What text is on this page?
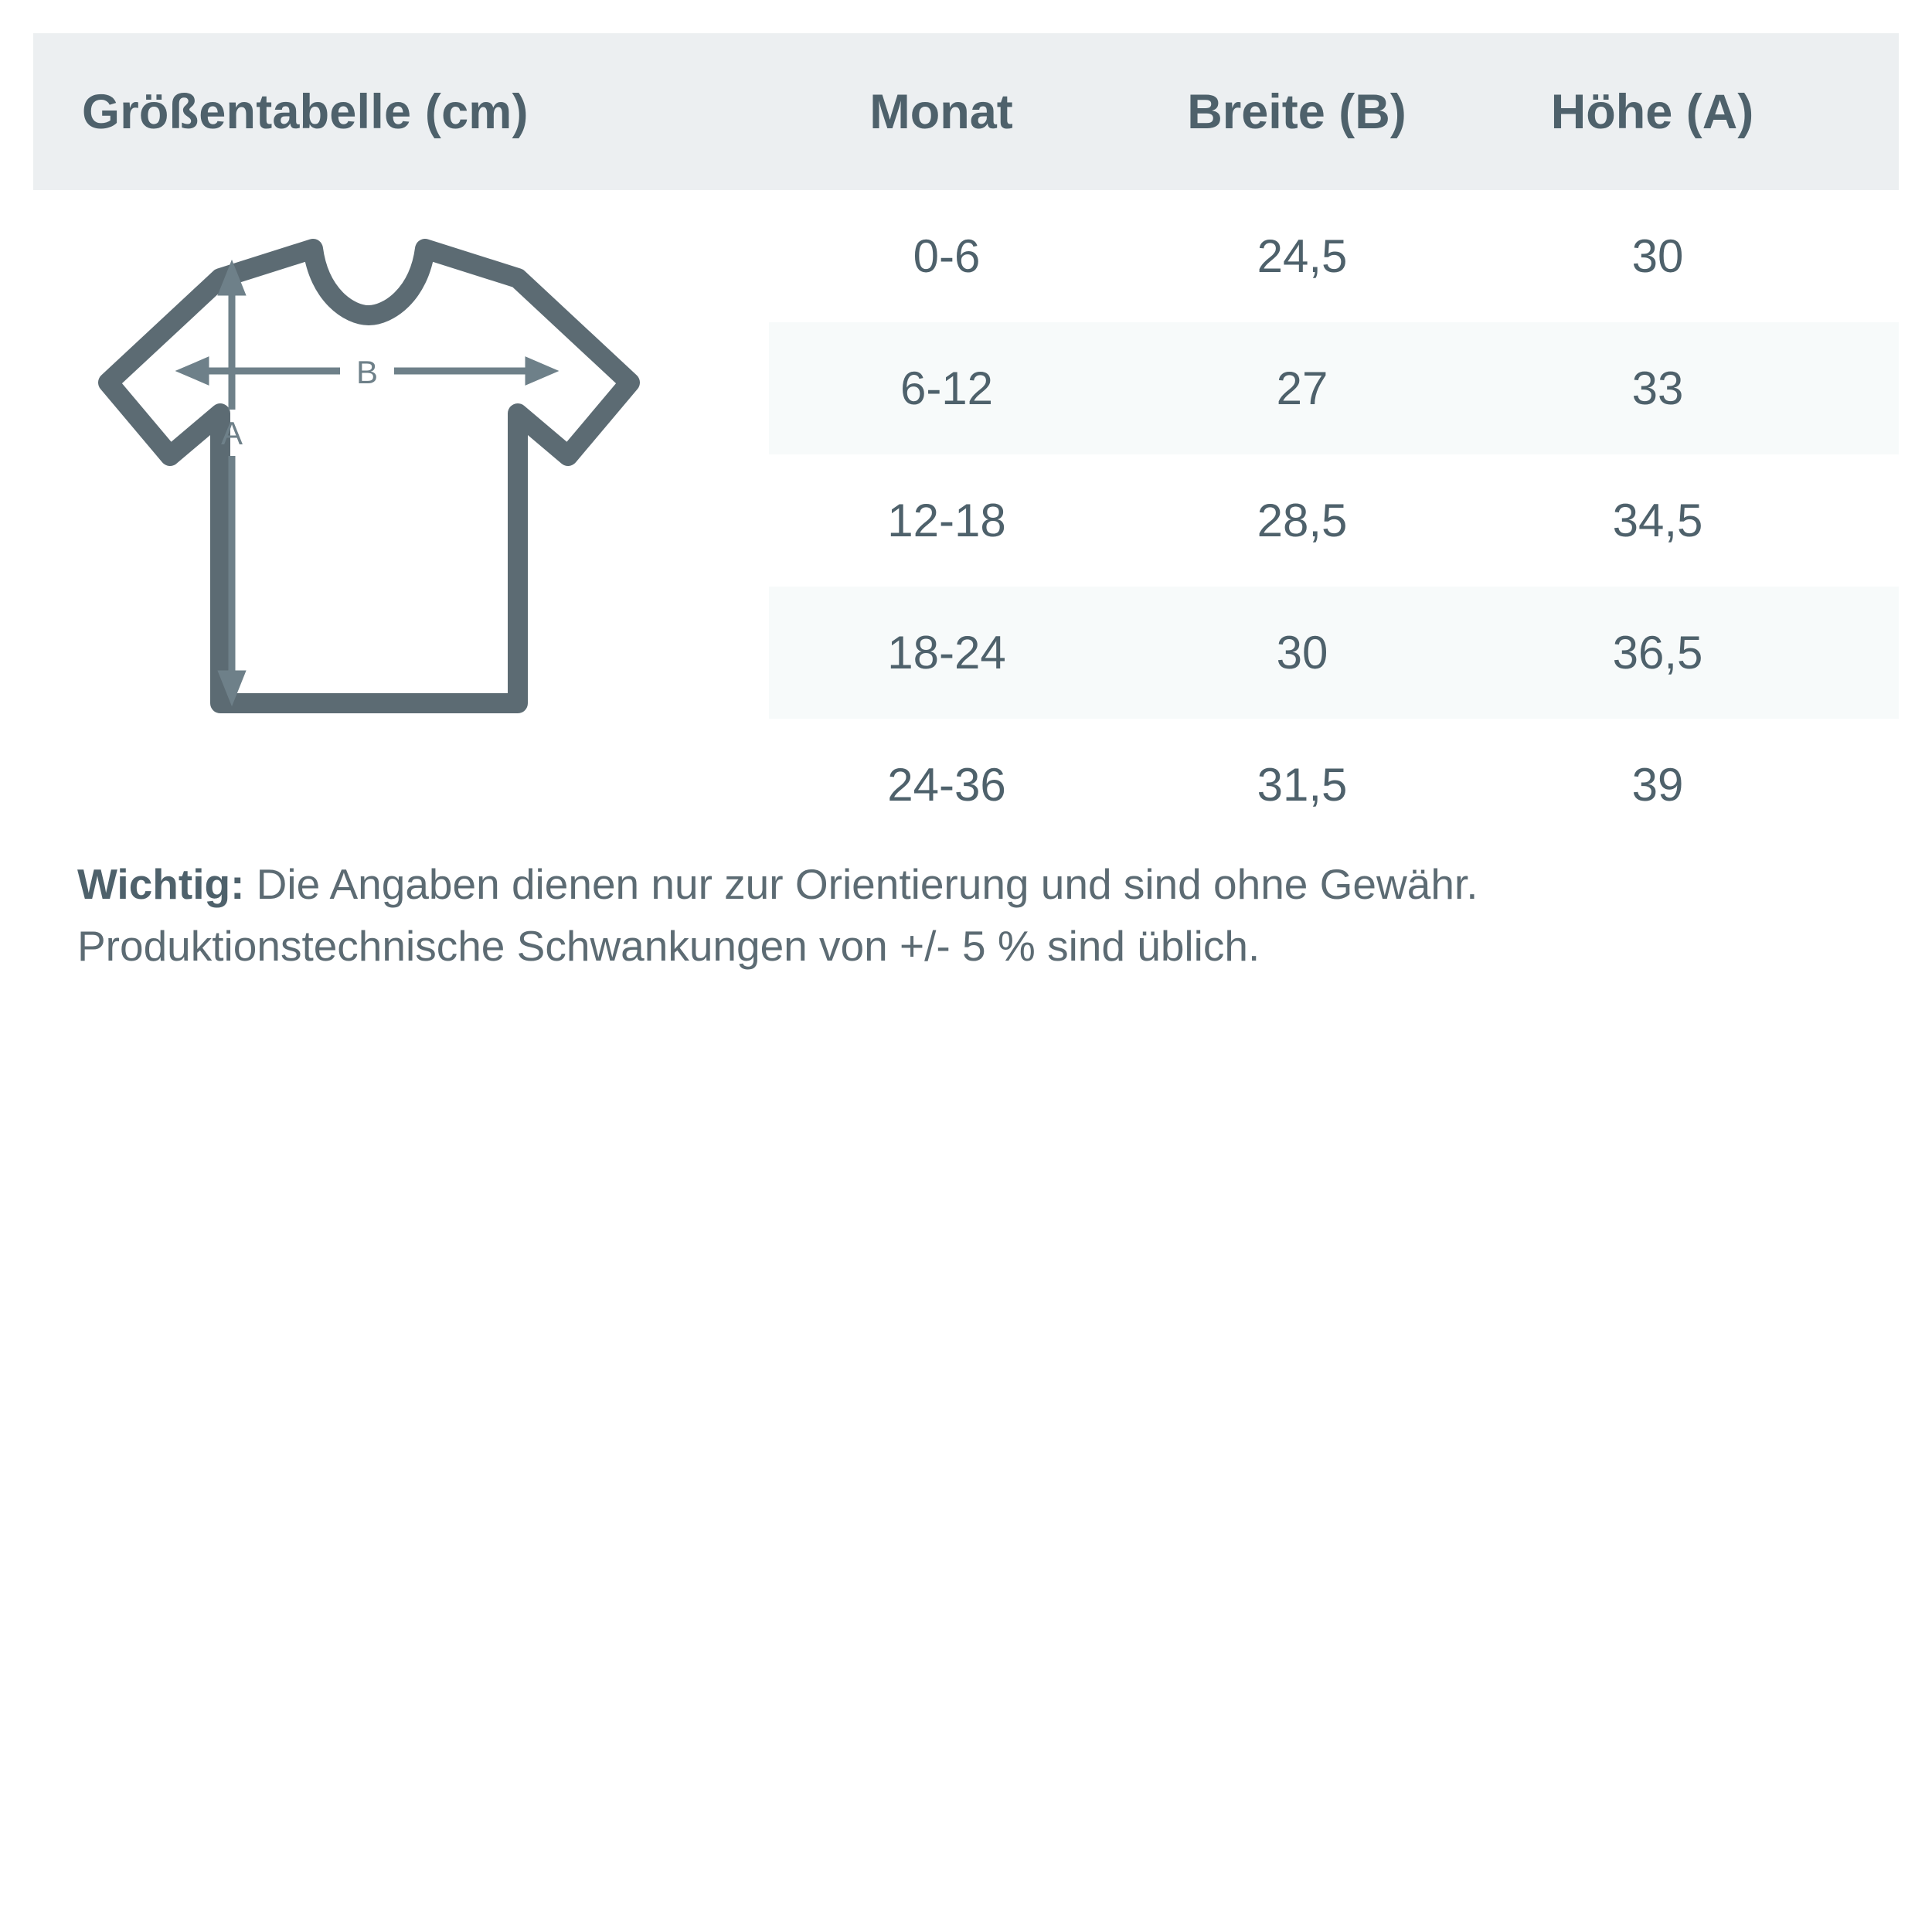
Größentabelle (cm)	Monat	Breite (B)	Höhe (A)
0-6	24,5	30
6-12	27	33
12-18	28,5	34,5
18-24	30	36,5
24-36	31,5	39
B
A
Wichtig: Die Angaben dienen nur zur Orientierung und sind ohne Gewähr. Produktionstechnische Schwankungen von +/- 5 % sind üblich.
